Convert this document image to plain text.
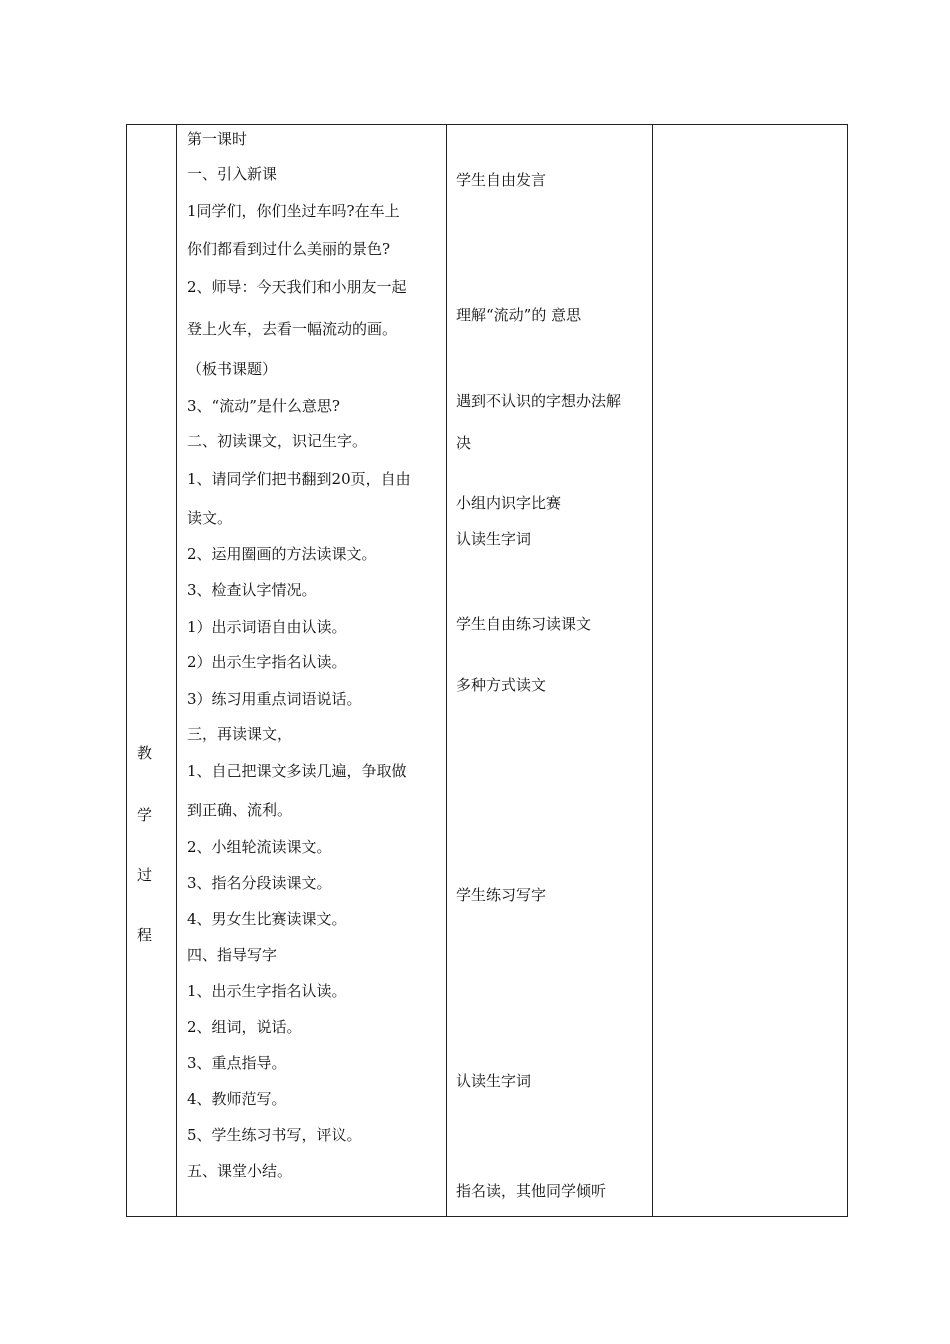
教
学
过
程
第一课时
一、引入新课
1同学们，你们坐过车吗?在车上
你们都看到过什么美丽的景色?
2、师导：今天我们和小朋友一起
登上火车，去看一幅流动的画。
（板书课题）
3、“流动”是什么意思?
二、初读课文，识记生字。
1、请同学们把书翻到20页，自由
读文。
2、运用圈画的方法读课文。
3、检查认字情况。
1）出示词语自由认读。
2）出示生字指名认读。
3）练习用重点词语说话。
三，再读课文，
1、自己把课文多读几遍，争取做
到正确、流利。
2、小组轮流读课文。
3、指名分段读课文。
4、男女生比赛读课文。
四、指导写字
1、出示生字指名认读。
2、组词，说话。
3、重点指导。
4、教师范写。
5、学生练习书写，评议。
五、课堂小结。
学生自由发言
理解“流动”的 意思
遇到不认识的字想办法解
决
小组内识字比赛
认读生字词
学生自由练习读课文
多种方式读文
学生练习写字
认读生字词
指名读，其他同学倾听
